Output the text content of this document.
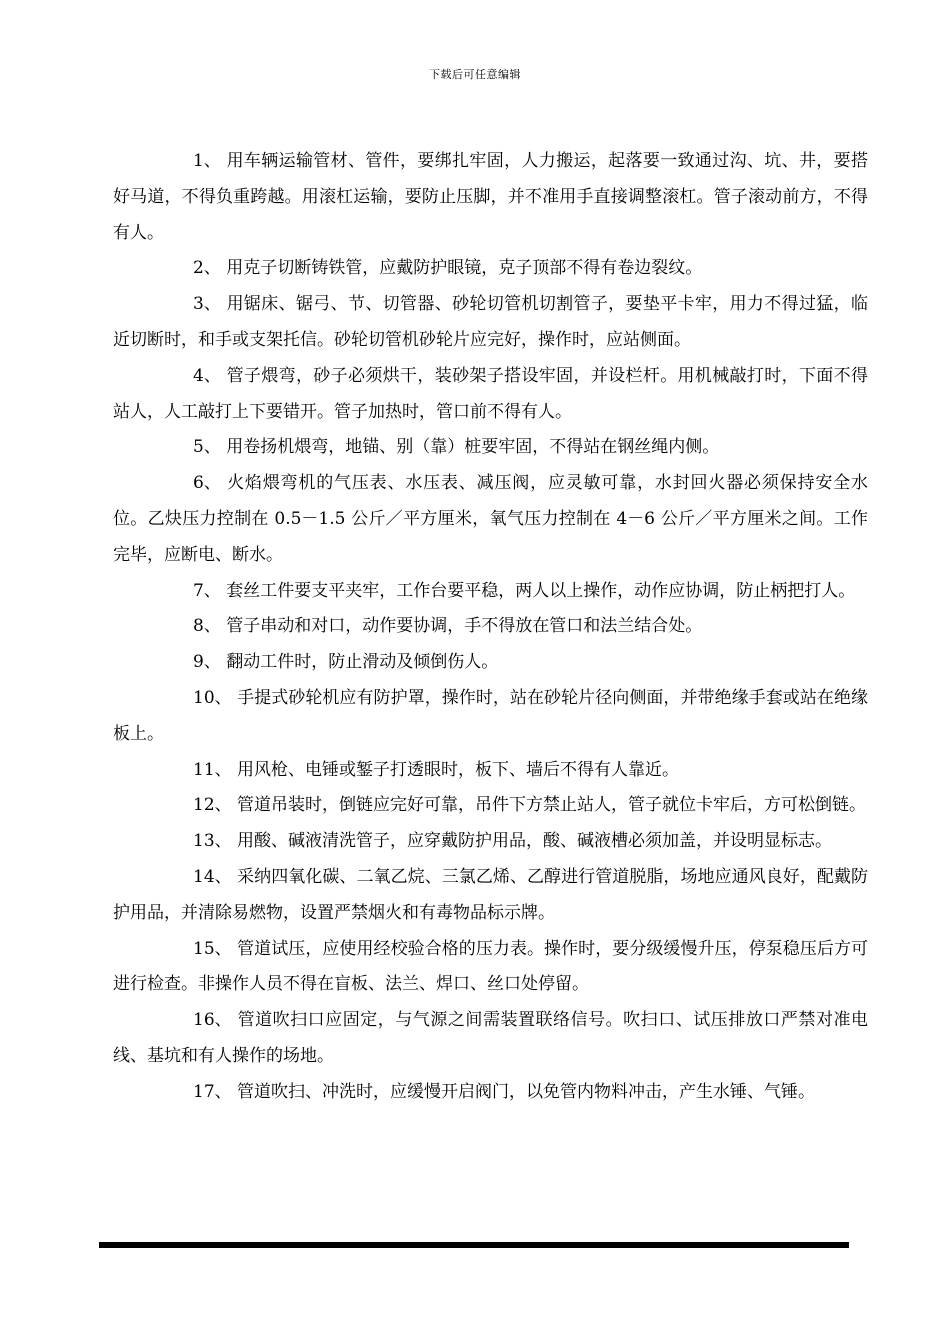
下载后可任意编辑

1、 用车辆运输管材、管件，要绑扎牢固，人力搬运，起落要一致通过沟、坑、井，要搭好马道，不得负重跨越。用滚杠运输，要防止压脚，并不准用手直接调整滚杠。管子滚动前方，不得有人。

2、 用克子切断铸铁管，应戴防护眼镜，克子顶部不得有卷边裂纹。

3、 用锯床、锯弓、节、切管器、砂轮切管机切割管子，要垫平卡牢，用力不得过猛，临近切断时，和手或支架托信。砂轮切管机砂轮片应完好，操作时，应站侧面。

4、 管子煨弯，砂子必须烘干，装砂架子搭设牢固，并设栏杆。用机械敲打时，下面不得站人，人工敲打上下要错开。管子加热时，管口前不得有人。

5、 用卷扬机煨弯，地锚、别（靠）桩要牢固，不得站在钢丝绳内侧。

6、 火焰煨弯机的气压表、水压表、减压阀，应灵敏可靠，水封回火器必须保持安全水位。乙炔压力控制在 0.5－1.5 公斤／平方厘米，氧气压力控制在 4－6 公斤／平方厘米之间。工作完毕，应断电、断水。

7、 套丝工件要支平夹牢，工作台要平稳，两人以上操作，动作应协调，防止柄把打人。

8、 管子串动和对口，动作要协调，手不得放在管口和法兰结合处。

9、 翻动工件时，防止滑动及倾倒伤人。

10、 手提式砂轮机应有防护罩，操作时，站在砂轮片径向侧面，并带绝缘手套或站在绝缘板上。

11、 用风枪、电锤或錾子打透眼时，板下、墙后不得有人靠近。

12、 管道吊装时，倒链应完好可靠，吊件下方禁止站人，管子就位卡牢后，方可松倒链。

13、 用酸、碱液清洗管子，应穿戴防护用品，酸、碱液槽必须加盖，并设明显标志。

14、 采纳四氧化碳、二氧乙烷、三氯乙烯、乙醇进行管道脱脂，场地应通风良好，配戴防护用品，并清除易燃物，设置严禁烟火和有毒物品标示牌。

15、 管道试压，应使用经校验合格的压力表。操作时，要分级缓慢升压，停泵稳压后方可进行检查。非操作人员不得在盲板、法兰、焊口、丝口处停留。

16、 管道吹扫口应固定，与气源之间需装置联络信号。吹扫口、试压排放口严禁对准电线、基坑和有人操作的场地。

17、 管道吹扫、冲洗时，应缓慢开启阀门，以免管内物料冲击，产生水锤、气锤。
